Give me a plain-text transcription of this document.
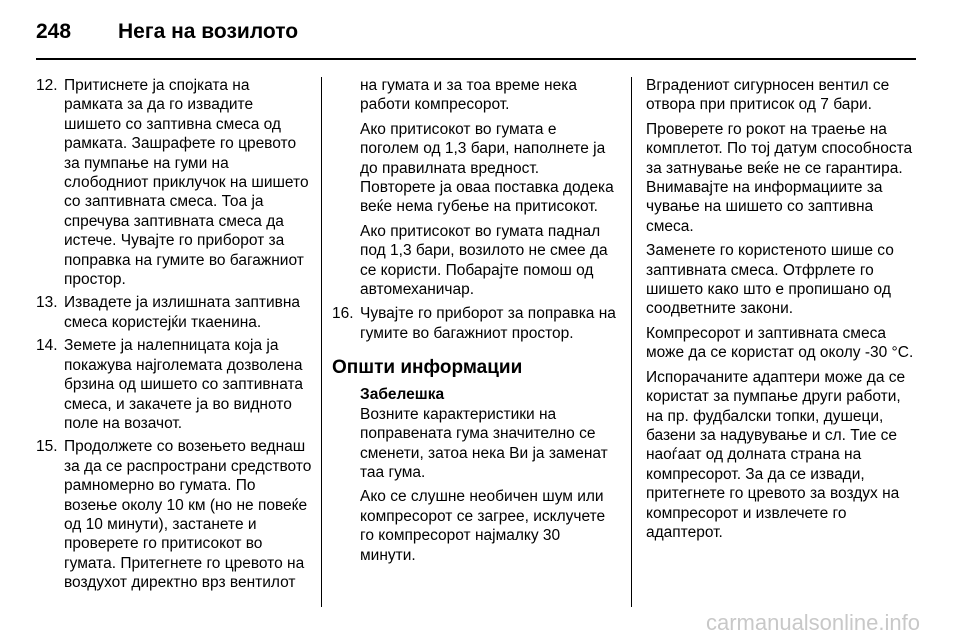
248 Нега на возилото
12. Притиснете ја спојката на рамката за да го извадите шишето со заптивна смеса од рамката. Зашрафете го цревото за пумпање на гуми на слободниот приклучок на шишето со заптивната смеса. Тоа ја спречува заптивната смеса да истече. Чувајте го приборот за поправка на гумите во багажниот простор.
13. Извадете ја излишната заптивна смеса користејќи ткаенина.
14. Земете ја налепницата која ја покажува најголемата дозволена брзина од шишето со заптивната смеса, и закачете ја во видното поле на возачот.
15. Продолжете со возењето веднаш за да се распространи средството рамномерно во гумата. По возење околу 10 км (но не повеќе од 10 минути), застанете и проверете го притисокот во гумата. Притегнете го цревото на воздухот директно врз вентилот

на гумата и за тоа време нека работи компресорот.

Ако притисокот во гумата е поголем од 1,3 бари, наполнете ја до правилната вредност. Повторете ја оваа поставка додека веќе нема губење на притисокот.

Ако притисокот во гумата паднал под 1,3 бари, возилото не смее да се користи. Побарајте помош од автомеханичар.

16. Чувајте го приборот за поправка на гумите во багажниот простор.
Општи информации

Забелешка

Возните карактеристики на поправената гума значително се сменети, затоа нека Ви ја заменат таа гума.

Ако се слушне необичен шум или компресорот се загрее, исклучете го компресорот најмалку 30 минути.

Вградениот сигурносен вентил се отвора при притисок од 7 бари.

Проверете го рокот на траење на комплетот. По тој датум способноста за затнување веќе не се гарантира. Внимавајте на информациите за чување на шишето со заптивна смеса.

Заменете го користеното шише со заптивната смеса. Отфрлете го шишето како што е пропишано од соодветните закони.

Компресорот и заптивната смеса може да се користат од околу -30 °C.

Испорачаните адаптери може да се користат за пумпање други работи, на пр. фудбалски топки, душеци, базени за надувување и сл. Тие се наоѓаат од долната страна на компресорот. За да се извади, притегнете го цревото за воздух на компресорот и извлечете го адаптерот.

carmanualsonline.info
